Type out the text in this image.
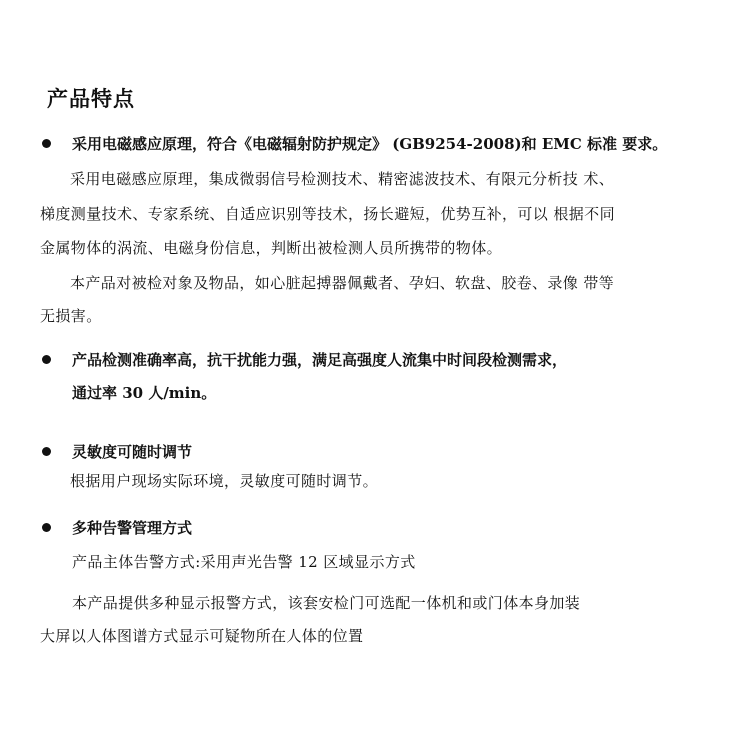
产品特点
采用电磁感应原理，符合《电磁辐射防护规定》 (GB9254-2008)和 EMC 标准 要求。
采用电磁感应原理，集成微弱信号检测技术、精密滤波技术、有限元分析技 术、
梯度测量技术、专家系统、自适应识别等技术，扬长避短，优势互补，可以 根据不同
金属物体的涡流、电磁身份信息，判断出被检测人员所携带的物体。
本产品对被检对象及物品，如心脏起搏器佩戴者、孕妇、软盘、胶卷、录像 带等
无损害。
产品检测准确率高，抗干扰能力强，满足高强度人流集中时间段检测需求，
通过率 30 人/min。
灵敏度可随时调节
根据用户现场实际环境，灵敏度可随时调节。
多种告警管理方式
产品主体告警方式:采用声光告警 12 区域显示方式
本产品提供多种显示报警方式，该套安检门可选配一体机和或门体本身加装
大屏以人体图谱方式显示可疑物所在人体的位置
